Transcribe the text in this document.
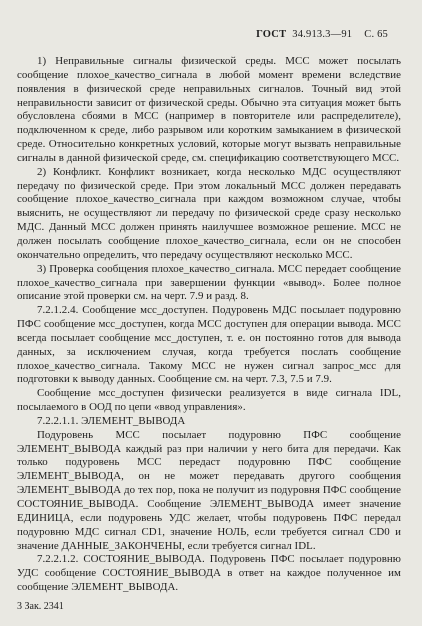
ГОСТ 34.913.3—91 С. 65

1) Неправильные сигналы физической среды. МСС может посылать сообщение плохое_качество_сигнала в любой момент времени вследствие появления в физической среде неправильных сигналов. Точный вид этой неправильности зависит от физической среды. Обычно эта ситуация может быть обусловлена сбоями в МСС (например в повторителе или распределителе), подключенном к среде, либо разрывом или коротким замыканием в физической среде. Относительно конкретных условий, которые могут вызвать неправильные сигналы в данной физической среде, см. спецификацию соответствующего МСС.

2) Конфликт. Конфликт возникает, когда несколько МДС осуществляют передачу по физической среде. При этом локальный МСС должен передавать сообщение плохое_качество_сигнала при каждом возможном случае, чтобы выяснить, не осуществляют ли передачу по физической среде сразу несколько МДС. Данный МСС должен принять наилучшее возможное решение. МСС не должен посылать сообщение плохое_качество_сигнала, если он не способен окончательно определить, что передачу осуществляют несколько МСС.

3) Проверка сообщения плохое_качество_сигнала. МСС передает сообщение плохое_качество_сигнала при завершении функции «вывод». Более полное описание этой проверки см. на черт. 7.9 и разд. 8.

7.2.1.2.4. Сообщение мсс_доступен. Подуровень МДС посылает подуровню ПФС сообщение мсс_доступен, когда МСС доступен для операции вывода. МСС всегда посылает сообщение мсс_доступен, т. е. он постоянно готов для вывода данных, за исключением случая, когда требуется послать сообщение плохое_качество_сигнала. Такому МСС не нужен сигнал запрос_мсс для подготовки к выводу данных. Сообщение см. на черт. 7.3, 7.5 и 7.9.

Сообщение мсс_доступен физически реализуется в виде сигнала IDL, посылаемого в ООД по цепи «ввод управления».

7.2.2.1.1. ЭЛЕМЕНТ_ВЫВОДА

Подуровень МСС посылает подуровню ПФС сообщение ЭЛЕМЕНТ_ВЫВОДА каждый раз при наличии у него бита для передачи. Как только подуровень МСС передаст подуровню ПФС сообщение ЭЛЕМЕНТ_ВЫВОДА, он не может передавать другого сообщения ЭЛЕМЕНТ_ВЫВОДА до тех пор, пока не получит из подуровня ПФС сообщение СОСТОЯНИЕ_ВЫВОДА. Сообщение ЭЛЕМЕНТ_ВЫВОДА имеет значение ЕДИНИЦА, если подуровень УДС желает, чтобы подуровень ПФС передал подуровню МДС сигнал CD1, значение НОЛЬ, если требуется сигнал CD0 и значение ДАННЫЕ_ЗАКОНЧЕНЫ, если требуется сигнал IDL.

7.2.2.1.2. СОСТОЯНИЕ_ВЫВОДА. Подуровень ПФС посылает подуровню УДС сообщение СОСТОЯНИЕ_ВЫВОДА в ответ на каждое полученное им сообщение ЭЛЕМЕНТ_ВЫВОДА.

3 Зак. 2341
